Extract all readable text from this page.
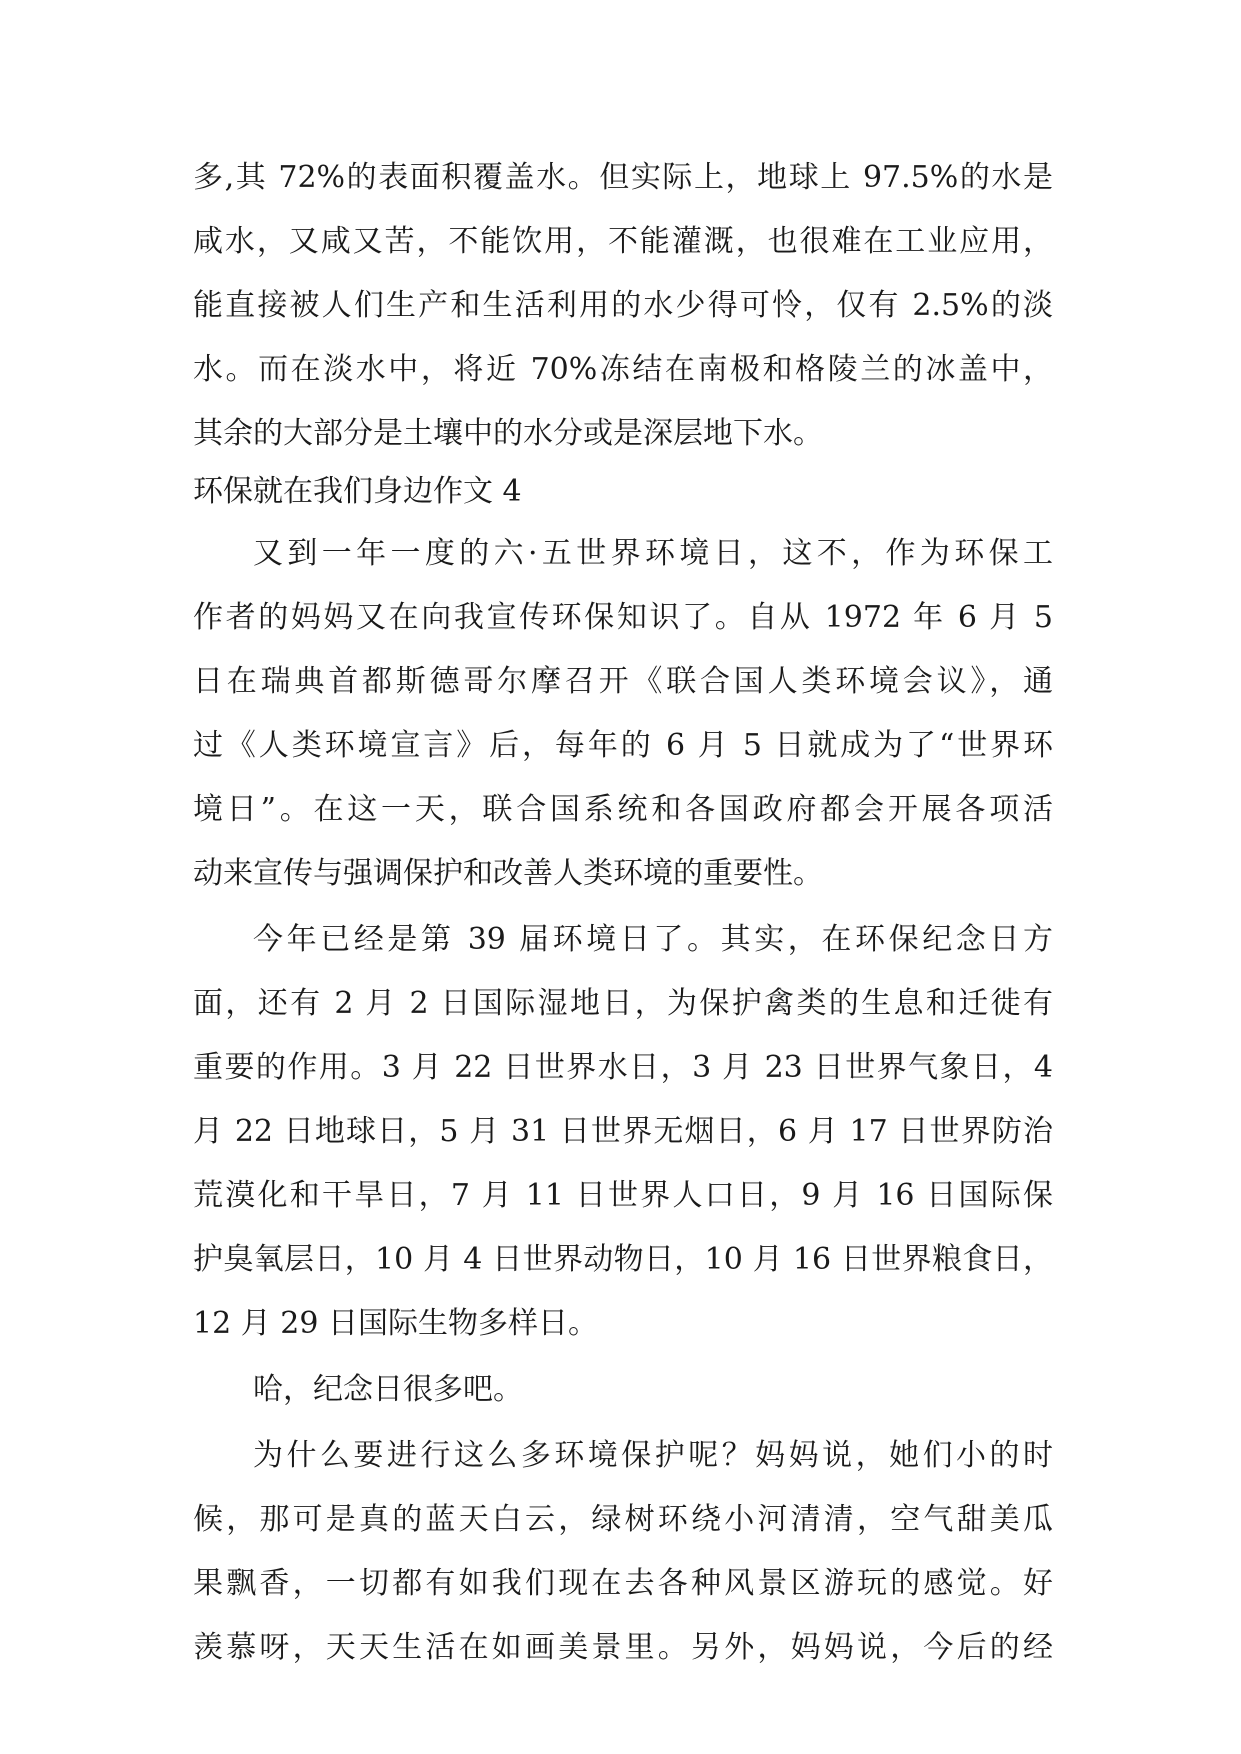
多,其 72%的表面积覆盖水。但实际上，地球上 97.5%的水是
咸水，又咸又苦，不能饮用，不能灌溉，也很难在工业应用，
能直接被人们生产和生活利用的水少得可怜，仅有 2.5%的淡
水。而在淡水中，将近 70%冻结在南极和格陵兰的冰盖中，
其余的大部分是土壤中的水分或是深层地下水。
环保就在我们身边作文 4
又到一年一度的六·五世界环境日，这不，作为环保工
作者的妈妈又在向我宣传环保知识了。自从 1972 年 6 月 5
日在瑞典首都斯德哥尔摩召开《联合国人类环境会议》，通
过《人类环境宣言》后，每年的 6 月 5 日就成为了“世界环
境日”。在这一天，联合国系统和各国政府都会开展各项活
动来宣传与强调保护和改善人类环境的重要性。
今年已经是第 39 届环境日了。其实，在环保纪念日方
面，还有 2 月 2 日国际湿地日，为保护禽类的生息和迁徙有
重要的作用。3 月 22 日世界水日，3 月 23 日世界气象日，4
月 22 日地球日，5 月 31 日世界无烟日，6 月 17 日世界防治
荒漠化和干旱日，7 月 11 日世界人口日，9 月 16 日国际保
护臭氧层日，10 月 4 日世界动物日，10 月 16 日世界粮食日，
12 月 29 日国际生物多样日。
哈，纪念日很多吧。
为什么要进行这么多环境保护呢？妈妈说，她们小的时
候，那可是真的蓝天白云，绿树环绕小河清清，空气甜美瓜
果飘香，一切都有如我们现在去各种风景区游玩的感觉。好
羡慕呀，天天生活在如画美景里。另外，妈妈说，今后的经
